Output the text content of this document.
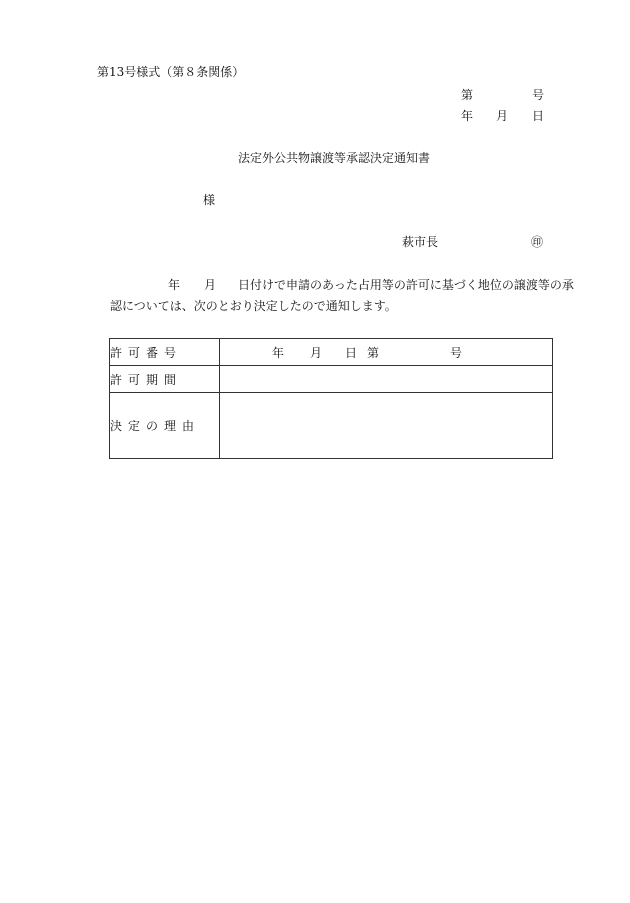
第13号様式（第８条関係）
第	号
年 月 日
法定外公共物譲渡等承認決定通知書
様
萩市長	㊞
年 月 日付けで申請のあった占用等の許可に基づく地位の譲渡等の承
認については、次のとおり決定したので通知します。
許可番号	年 月 日 第 号

許可期間	
決定の理由	
